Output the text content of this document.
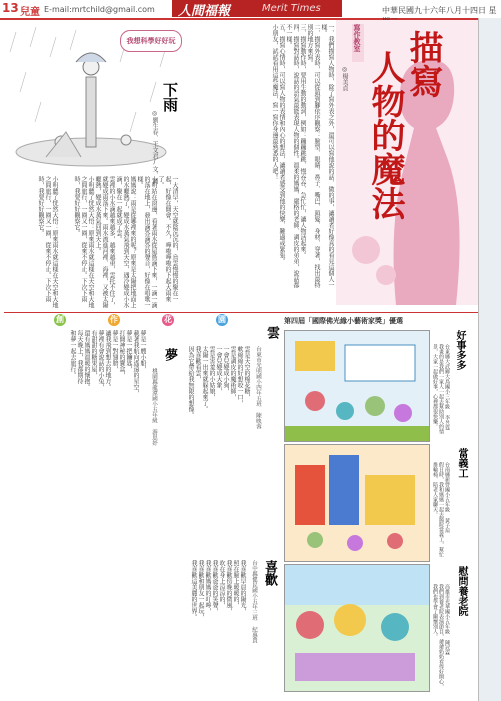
13 兒童 E-mail:mrtchild@gmail.com 人間福報	Merit Times	中華民國九十六年八月十四日 星
我想科學好好玩
下雨
◎劉生春、王文君/文、圖

一大清早，天空就陰沉沉的，烏雲慢慢的聚在一起，好像在開會。不久，嘩啦嘩啦的下起大雨來了。

小明站在窗邊，看著雨水從屋簷滴下來，一滴一滴的落在地上，發出滴答滴答的聲音，好像在唱歌一樣。

媽媽說：雨是從哪裡來的呢？原來是太陽把地面上的水曬熱了，變成水蒸氣飛到天空，遇冷變成小水滴，聚在一起就成了雲。

雲裡的小水滴越來越多，越來越重，雲托不住了，就變成雨落下來。雨水流進河裡、海裡，又被太陽曬熱，變成水蒸氣回到天上。

小明聽了恍然大悟：原來雨水就這樣在天空和大地之間旅行，一圈又一圈，從來不停止。下次下雨時，我要好好觀察它。

小明聽了恍然大悟：原來雨水就這樣在天空和大地之間旅行，一圈又一圈，從來不停止。下次下雨時，我要好好觀察它。	一、我們描寫人物時，除了寫外表之外，還可以寫他說的話、做的事，讓讀者好像真的看見這個人一樣。

二、描寫外表時，可以從頭到腳依序觀察：臉型、眼睛、鼻子、嘴巴、頭髮、身材、穿著，找出最特別的地方來寫。

三、描寫動作時，要用生動的動詞，例如：蹦蹦跳跳、慢吞吞、急忙忙，讓人物活起來。

四、描寫對話時，說話的語氣最能表現人物的個性。溫柔的媽媽、嚴格的老師、調皮的弟弟，說話都不一樣。

五、描寫心情時，可以寫人物的表情和內心的想法，讓讀者感受到他的快樂、難過或緊張。

小朋友，試試看用這些魔法，寫一寫你身邊最熟悉的人吧！	寫作教室
◎楊美貞 描寫
人物的魔法
創	作	花	園
雲
台東市光明國小四年五班 陳映蓉

雲是天空的棉花糖，

軟綿綿的好想咬一口，

雲是調皮的魔術師，

一會兒變成小狗，

一會兒變成大象，

雲是害羞的小姑娘，

太陽一出來就躲起來了。

我喜歡看雲，

因為它帶給我無限的想像。

夢
桃園縣龍潭國小五年級 游思妤

夢是一艘小船，

載著我航向遙遠的星空，

夢是一把鑰匙，

打開神秘的寶盒，

夢是一對翅膀，

讓我飛到想去的地方。

夢裡有會說話的小兔，

有甜甜的糖果屋，

還有媽媽溫暖的懷抱。

每天晚上，我都期待

和夢一起去旅行。

喜歡
台中縣健民國小五年三班 紀惠貴

我喜歡早晨的陽光，

照在臉上暖暖的，

我喜歡傍晚的微風，

吹在身上涼涼的，

我喜歡爸爸的笑聲，

我喜歡媽媽的叮嚀，

我喜歡和朋友一起玩，

我喜歡這美麗的世界。

第四屆「國際佛光緣小藝術家獎」優選
好事多多

台東縣大武鄉大鳥國小三年級 李昱霆

我畫的是我們一家人一起去幫助別人的情景，大家一起做好事，心裡都很快樂。

當義工

台南縣新營國小五年級 黃子瑄

假日時，我和媽媽一起去醫院當義工，幫忙推輪椅、陪老人家聊天。

慰問養老院

高雄市光華國小五年級 陳冠霖

我們到養老院表演節目，爺爺奶奶看得好開心，我們也學會了關懷別人。
